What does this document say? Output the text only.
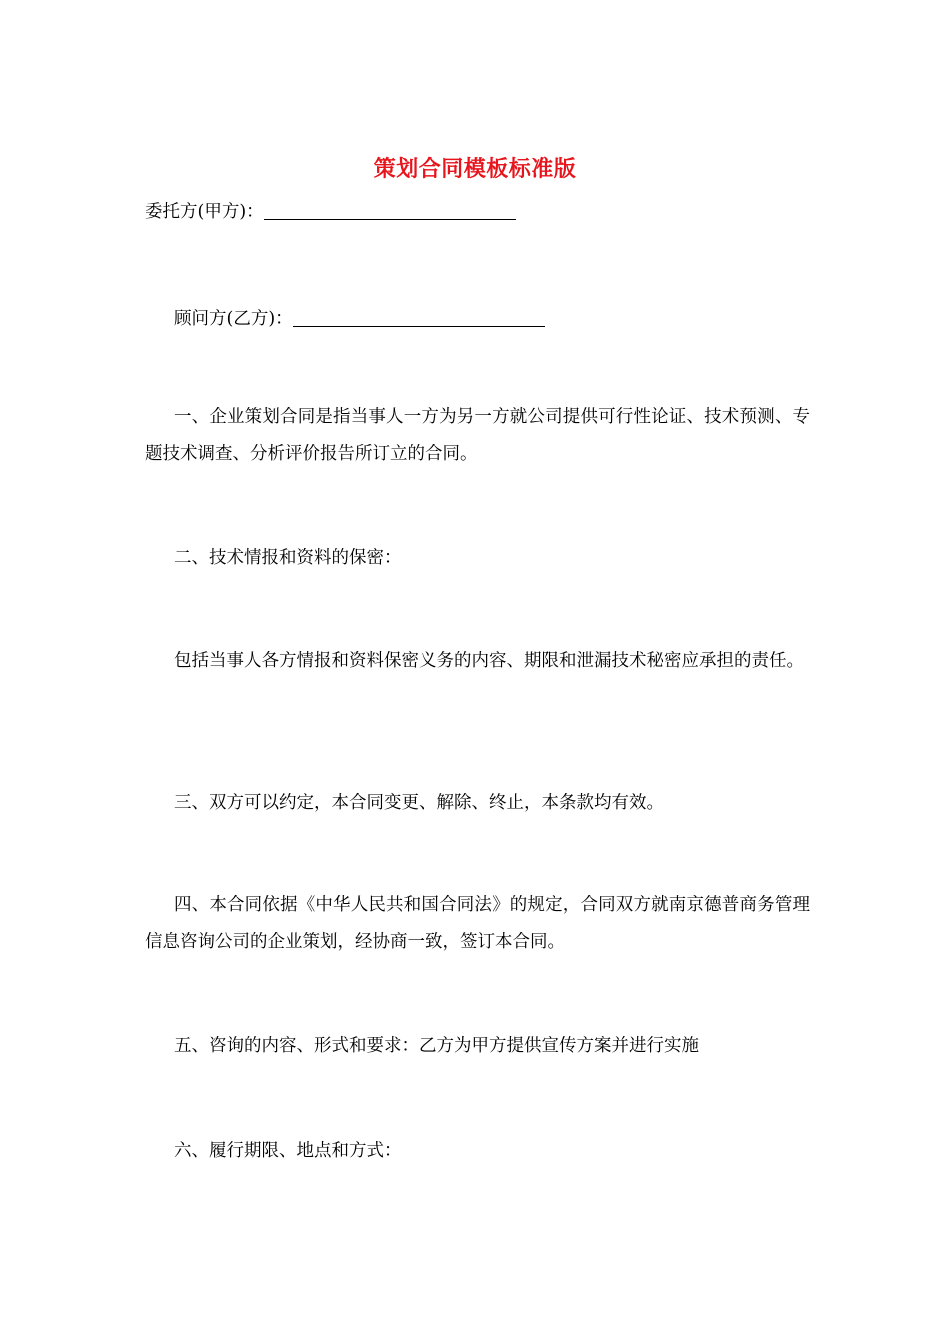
策划合同模板标准版
委托方(甲方)：
顾问方(乙方)：
一、企业策划合同是指当事人一方为另一方就公司提供可行性论证、技术预测、专题技术调查、分析评价报告所订立的合同。
二、技术情报和资料的保密：
包括当事人各方情报和资料保密义务的内容、期限和泄漏技术秘密应承担的责任。
三、双方可以约定，本合同变更、解除、终止，本条款均有效。
四、本合同依据《中华人民共和国合同法》的规定，合同双方就南京德普商务管理信息咨询公司的企业策划，经协商一致，签订本合同。
五、咨询的内容、形式和要求：乙方为甲方提供宣传方案并进行实施
六、履行期限、地点和方式：
